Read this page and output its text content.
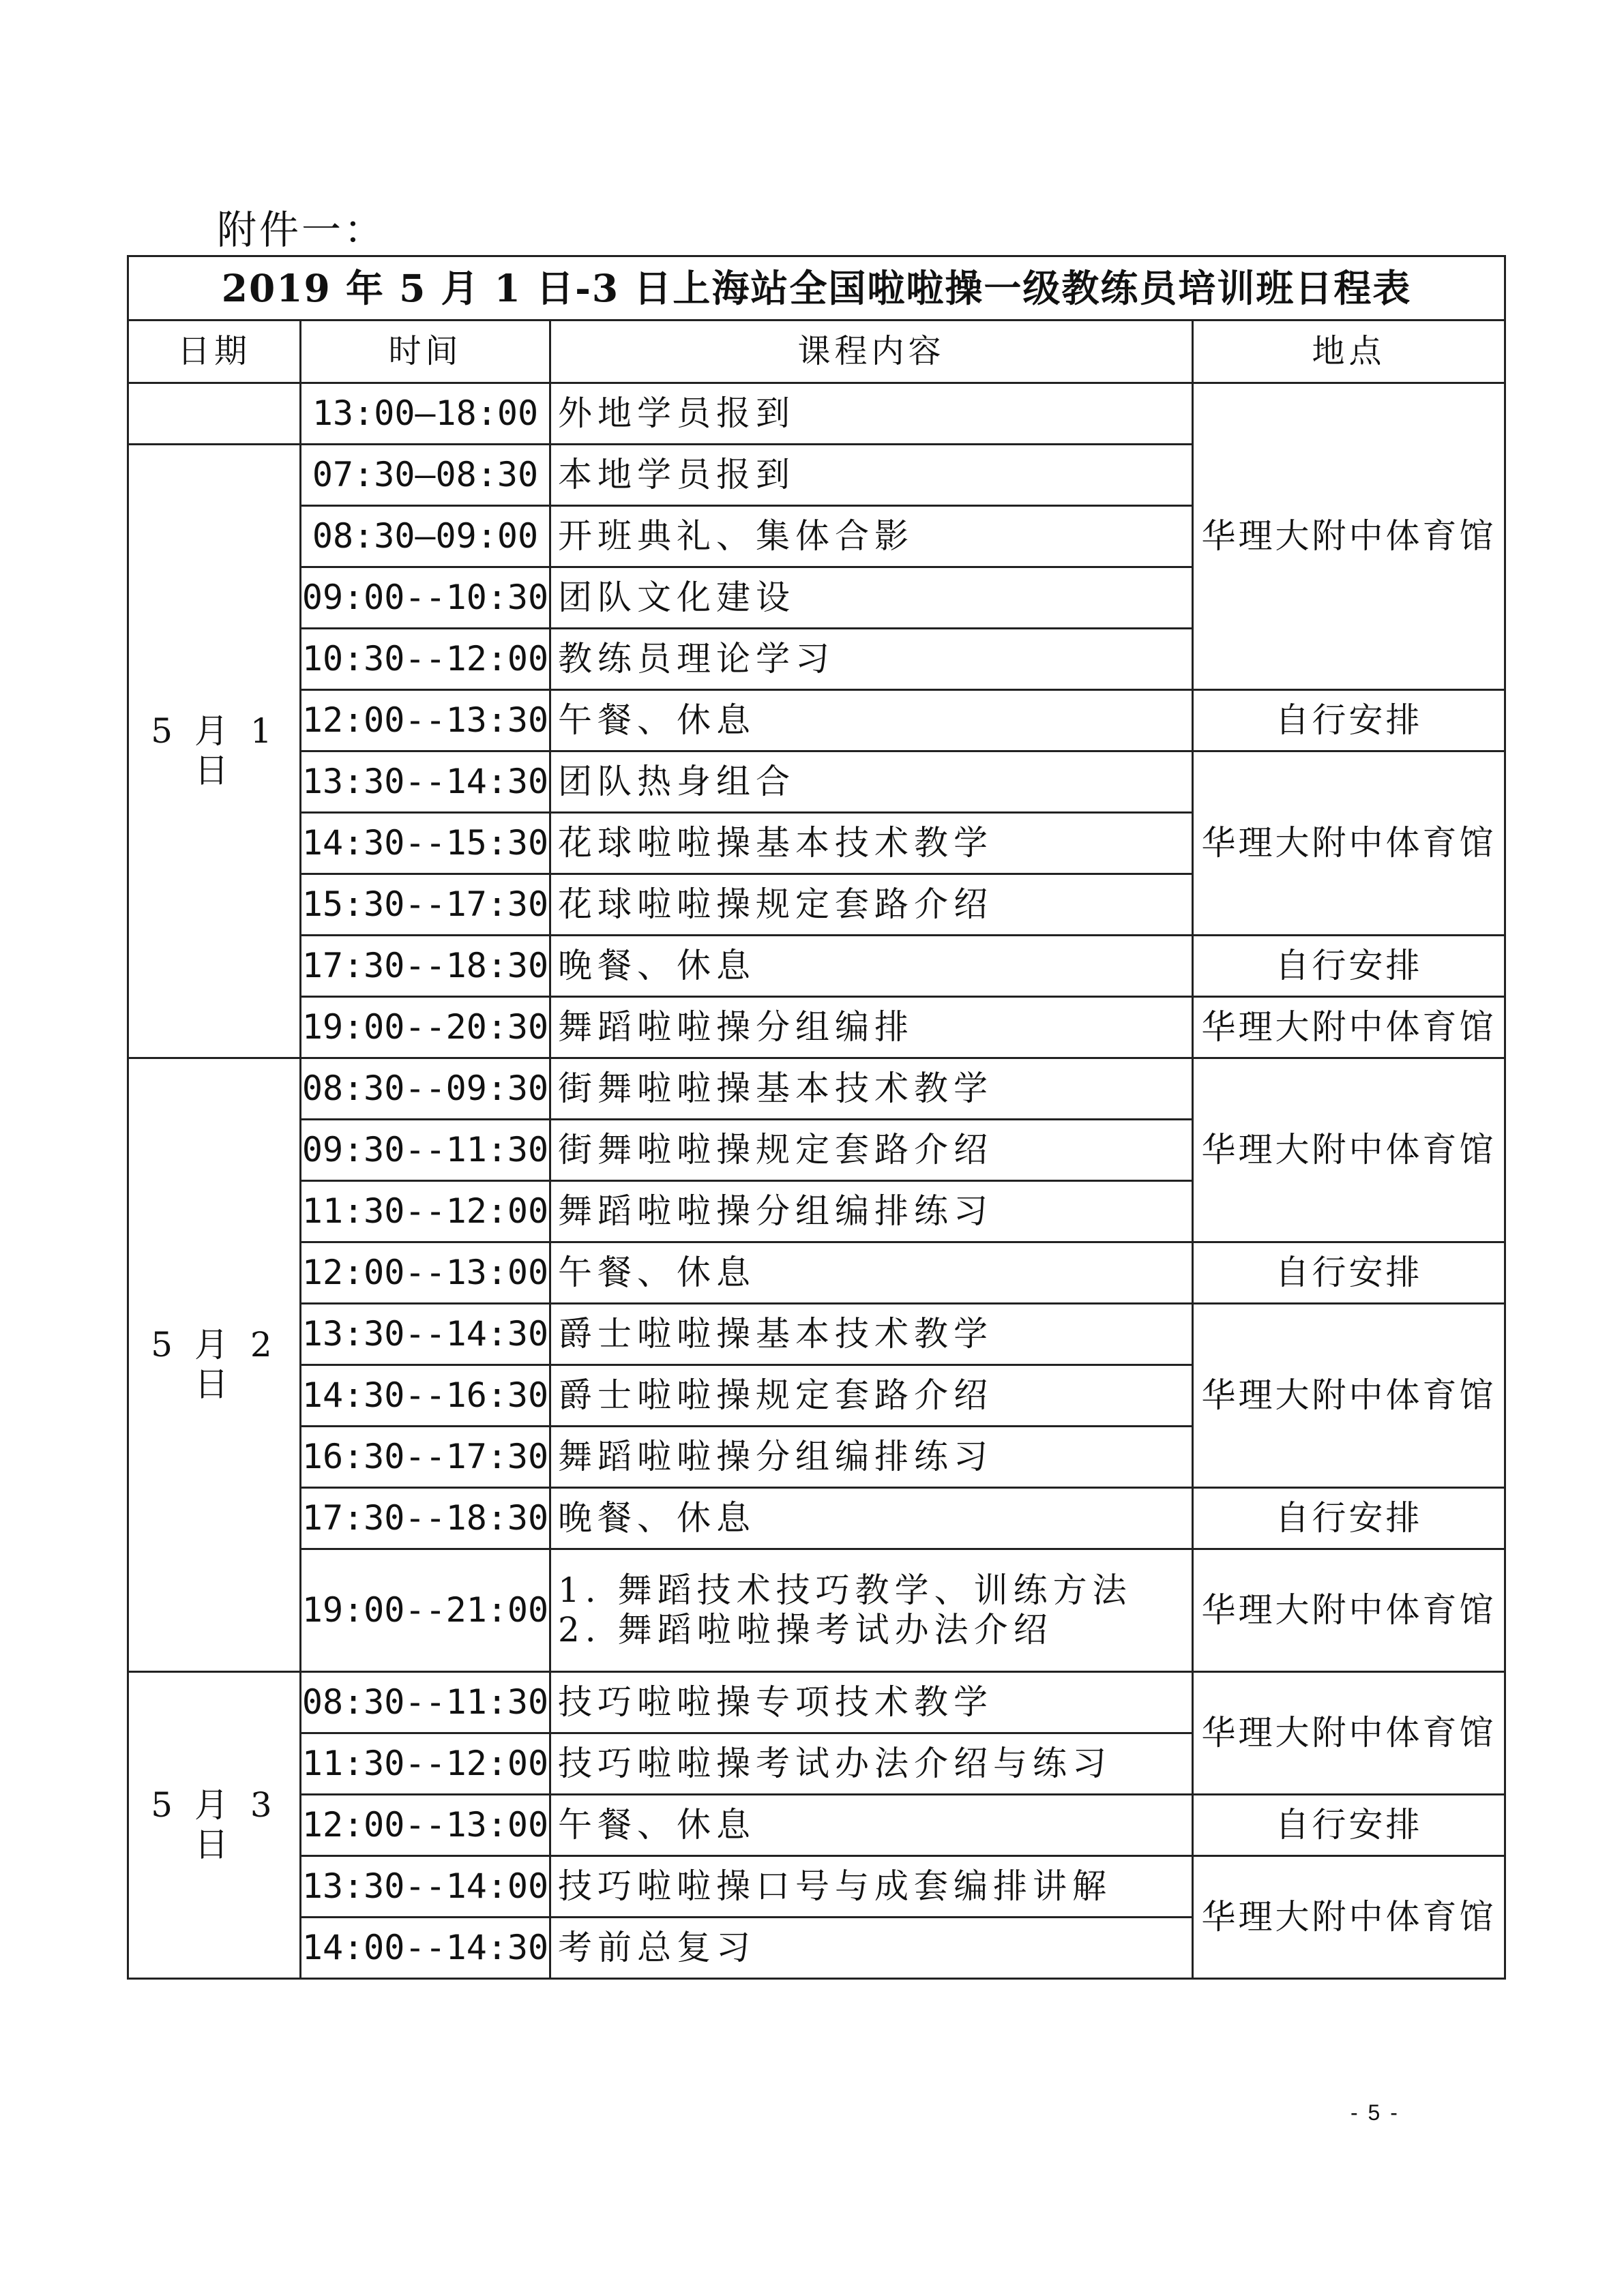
附件一：
2019 年 5 月 1 日-3 日上海站全国啦啦操一级教练员培训班日程表			
日期	时间	课程内容	地点
	13:00—18:00	外地学员报到	华理大附中体育馆
5 月 1 日	07:30—08:30	本地学员报到	
	08:30—09:00	开班典礼、集体合影	
	09:00--10:30	团队文化建设	
	10:30--12:00	教练员理论学习	
	12:00--13:30	午餐、休息	自行安排
	13:30--14:30	团队热身组合	华理大附中体育馆
	14:30--15:30	花球啦啦操基本技术教学	
	15:30--17:30	花球啦啦操规定套路介绍	
	17:30--18:30	晚餐、休息	自行安排
	19:00--20:30	舞蹈啦啦操分组编排	华理大附中体育馆
5 月 2 日	08:30--09:30	街舞啦啦操基本技术教学	华理大附中体育馆
	09:30--11:30	街舞啦啦操规定套路介绍	
	11:30--12:00	舞蹈啦啦操分组编排练习	
	12:00--13:00	午餐、休息	自行安排
	13:30--14:30	爵士啦啦操基本技术教学	华理大附中体育馆
	14:30--16:30	爵士啦啦操规定套路介绍	
	16:30--17:30	舞蹈啦啦操分组编排练习	
	17:30--18:30	晚餐、休息	自行安排
	19:00--21:00	1. 舞蹈技术技巧教学、训练方法
2. 舞蹈啦啦操考试办法介绍	华理大附中体育馆
5 月 3 日	08:30--11:30	技巧啦啦操专项技术教学	华理大附中体育馆
	11:30--12:00	技巧啦啦操考试办法介绍与练习	
	12:00--13:00	午餐、休息	自行安排
	13:30--14:00	技巧啦啦操口号与成套编排讲解	华理大附中体育馆
	14:00--14:30	考前总复习	
- 5 -
